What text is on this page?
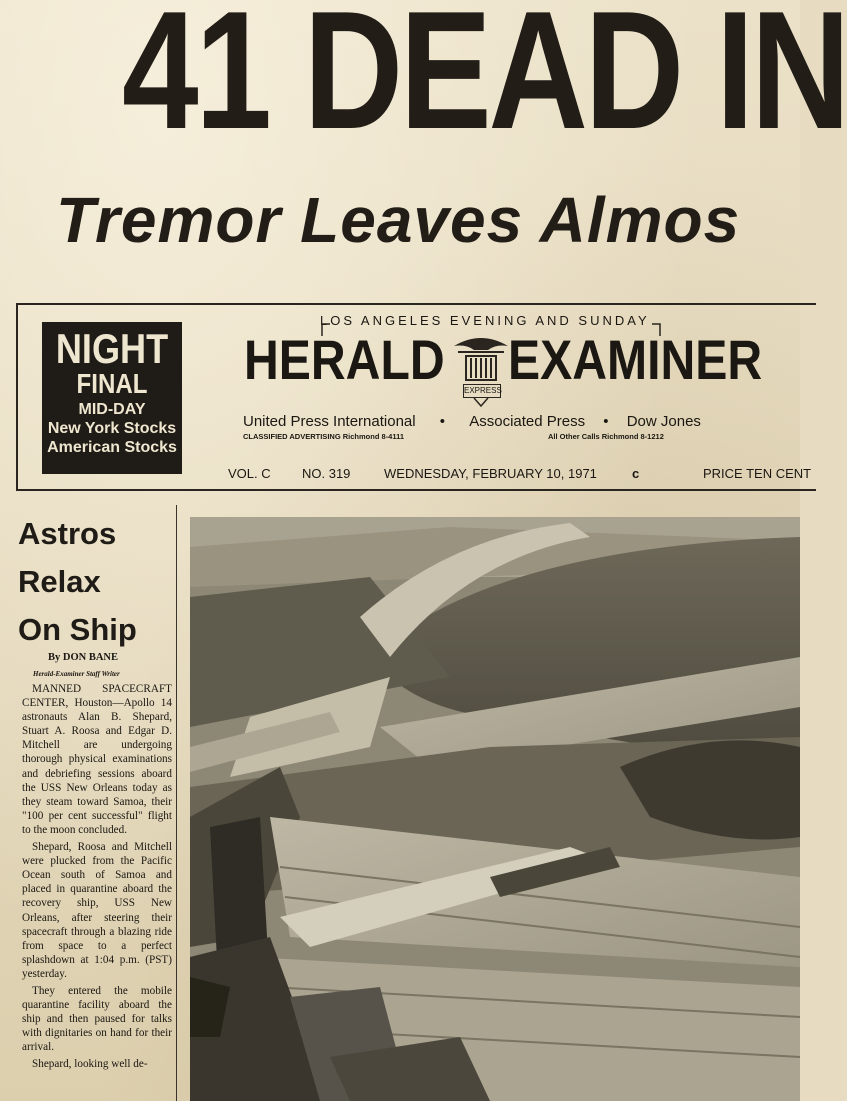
41 DEAD IN
Tremor Leaves Almos
NIGHT
FINAL
MID-DAY
New York Stocks
American Stocks
LOS ANGELES EVENING AND SUNDAY
HERALD EXPRESS EXAMINER
United Press International • Associated Press • Dow Jones
CLASSIFIED ADVERTISING Richmond 8-4111	All Other Calls Richmond 8-1212
VOL. C NO. 319	WEDNESDAY, FEBRUARY 10, 1971	c	PRICE TEN CENT
Astros
Relax
On Ship
By DON BANE
Herald-Examiner Staff Writer

MANNED SPACECRAFT CENTER, Houston—Apollo 14 astronauts Alan B. Shepard, Stuart A. Roosa and Edgar D. Mitchell are undergoing thorough physical examinations and debriefing sessions aboard the USS New Orleans today as they steam toward Samoa, their "100 per cent successful" flight to the moon concluded.

Shepard, Roosa and Mitchell were plucked from the Pacific Ocean south of Samoa and placed in quarantine aboard the recovery ship, USS New Orleans, after steering their spacecraft through a blazing ride from space to a perfect splashdown at 1:04 p.m. (PST) yesterday.

They entered the mobile quarantine facility aboard the ship and then paused for talks with dignitaries on hand for their arrival.

Shepard, looking well de-
